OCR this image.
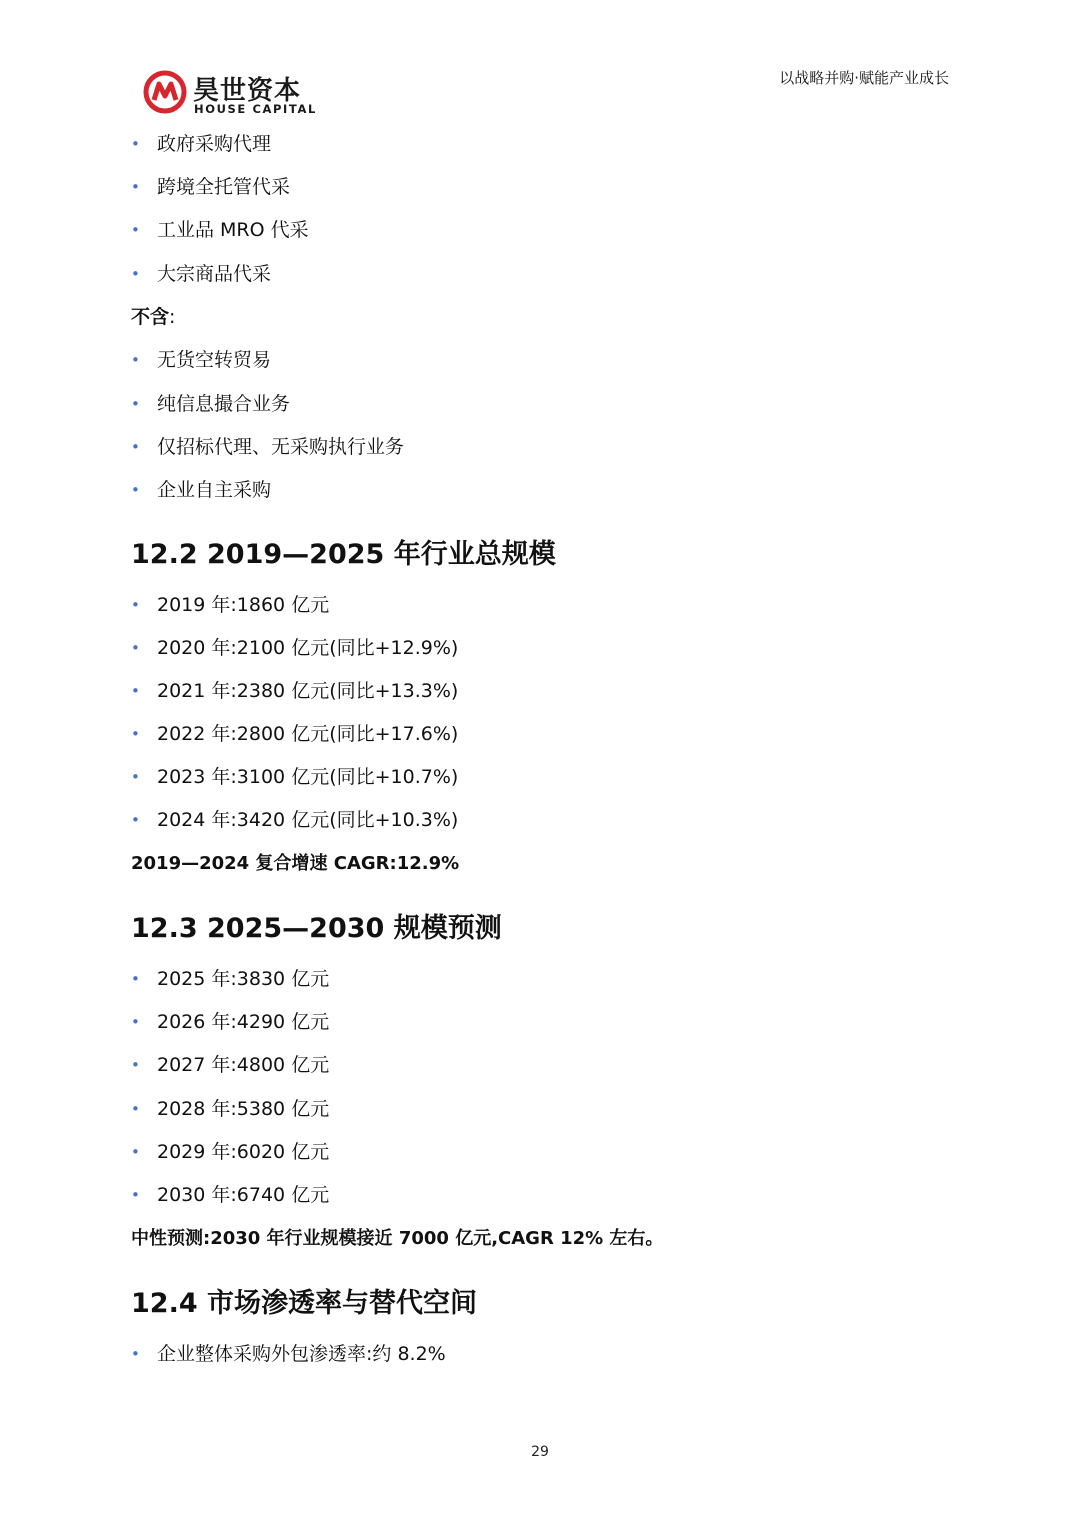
昊世资本
HOUSE CAPITAL
以战略并购·赋能产业成长
• 政府采购代理
• 跨境全托管代采
• 工业品 MRO 代采
• 大宗商品代采
不含:
• 无货空转贸易
• 纯信息撮合业务
• 仅招标代理、无采购执行业务
• 企业自主采购
12.2 2019—2025 年行业总规模
• 2019 年:1860 亿元
• 2020 年:2100 亿元(同比+12.9%)
• 2021 年:2380 亿元(同比+13.3%)
• 2022 年:2800 亿元(同比+17.6%)
• 2023 年:3100 亿元(同比+10.7%)
• 2024 年:3420 亿元(同比+10.3%)
2019—2024 复合增速 CAGR:12.9%
12.3 2025—2030 规模预测
• 2025 年:3830 亿元
• 2026 年:4290 亿元
• 2027 年:4800 亿元
• 2028 年:5380 亿元
• 2029 年:6020 亿元
• 2030 年:6740 亿元
中性预测:2030 年行业规模接近 7000 亿元,CAGR 12% 左右。
12.4 市场渗透率与替代空间
• 企业整体采购外包渗透率:约 8.2%
29
